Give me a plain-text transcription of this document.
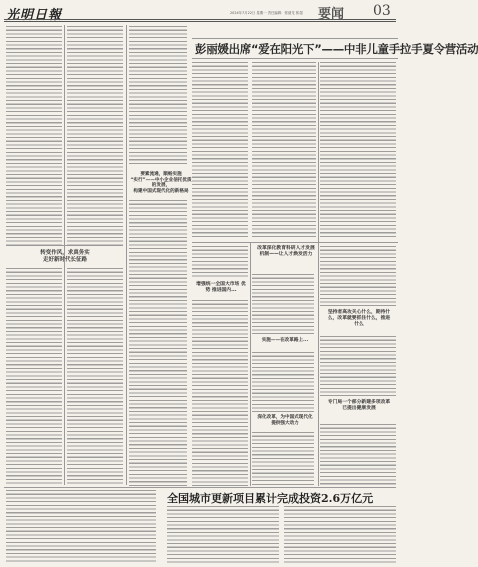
光明日報	2024年7月22日 星期一 责任编辑：郭绪龙 郭超 要闻 03
转变作风，求真务实
走好新时代长征路
要素流通，顺畅实施
“实行”——中小企业信托优质的发展，
构建中国式现代化的新格局
彭丽媛出席“爱在阳光下”——中非儿童手拉手夏令营活动
增强统一全国大市场 优势 推进国内...
改革深化教育科研人才发展机制——让人才焕发活力
实施——在改革路上...
深化改革，为中国式现代化提供强大动力
坚持者高攻关心什么，期待什么，改革就要抓住什么，推进什么
专门局一个部分新建多项改革已提出健康发展
全国城市更新项目累计完成投资2.6万亿元
